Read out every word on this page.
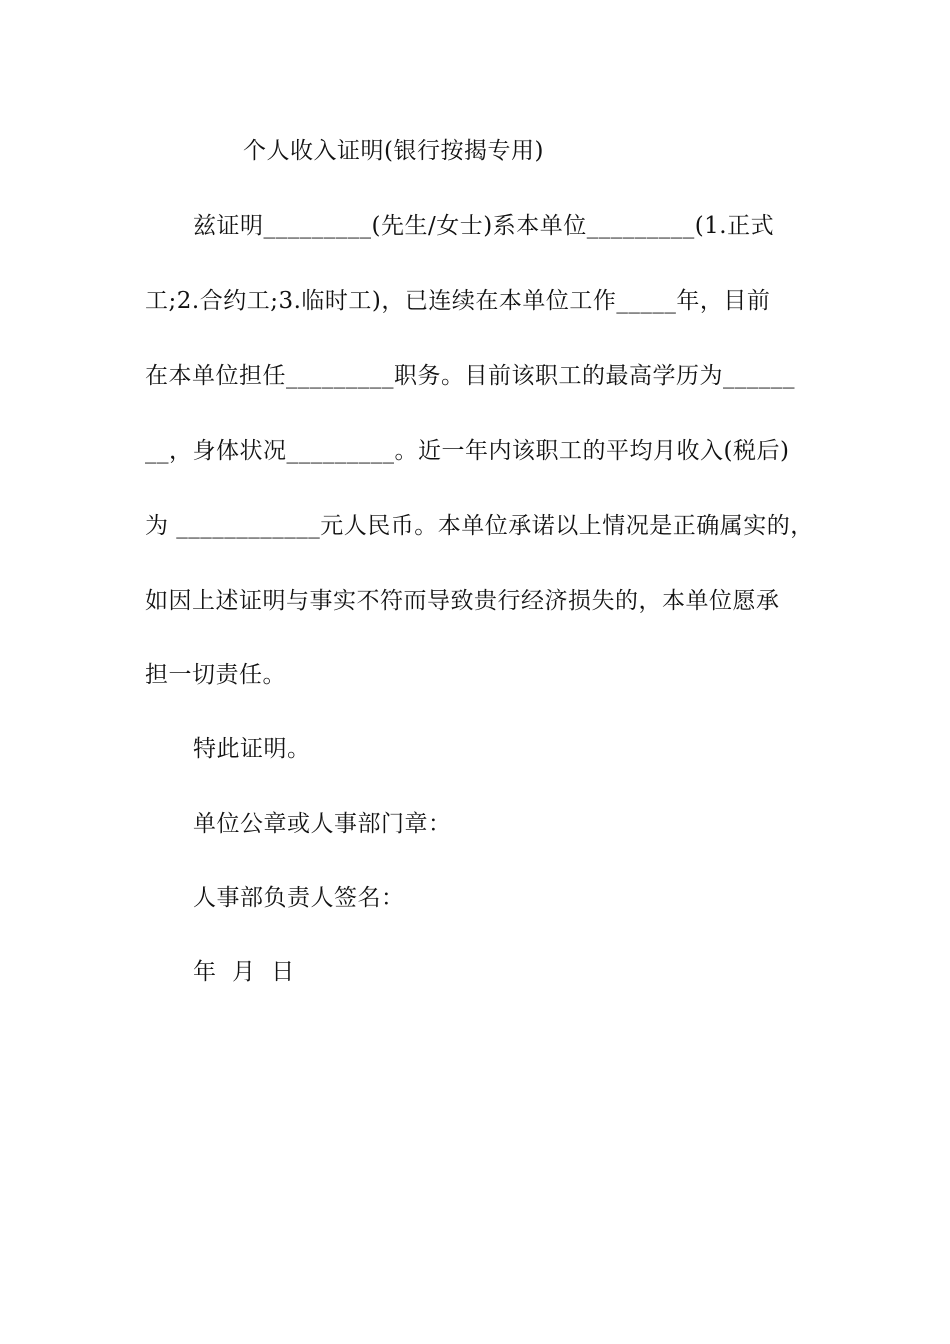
个人收入证明(银行按揭专用)
兹证明_________(先生/女士)系本单位_________(1.正式
工;2.合约工;3.临时工)，已连续在本单位工作_____年，目前
在本单位担任_________职务。目前该职工的最高学历为______
__，身体状况_________。近一年内该职工的平均月收入(税后)
为 ____________元人民币。本单位承诺以上情况是正确属实的，
如因上述证明与事实不符而导致贵行经济损失的，本单位愿承
担一切责任。
特此证明。
单位公章或人事部门章：
人事部负责人签名：
年  月  日
